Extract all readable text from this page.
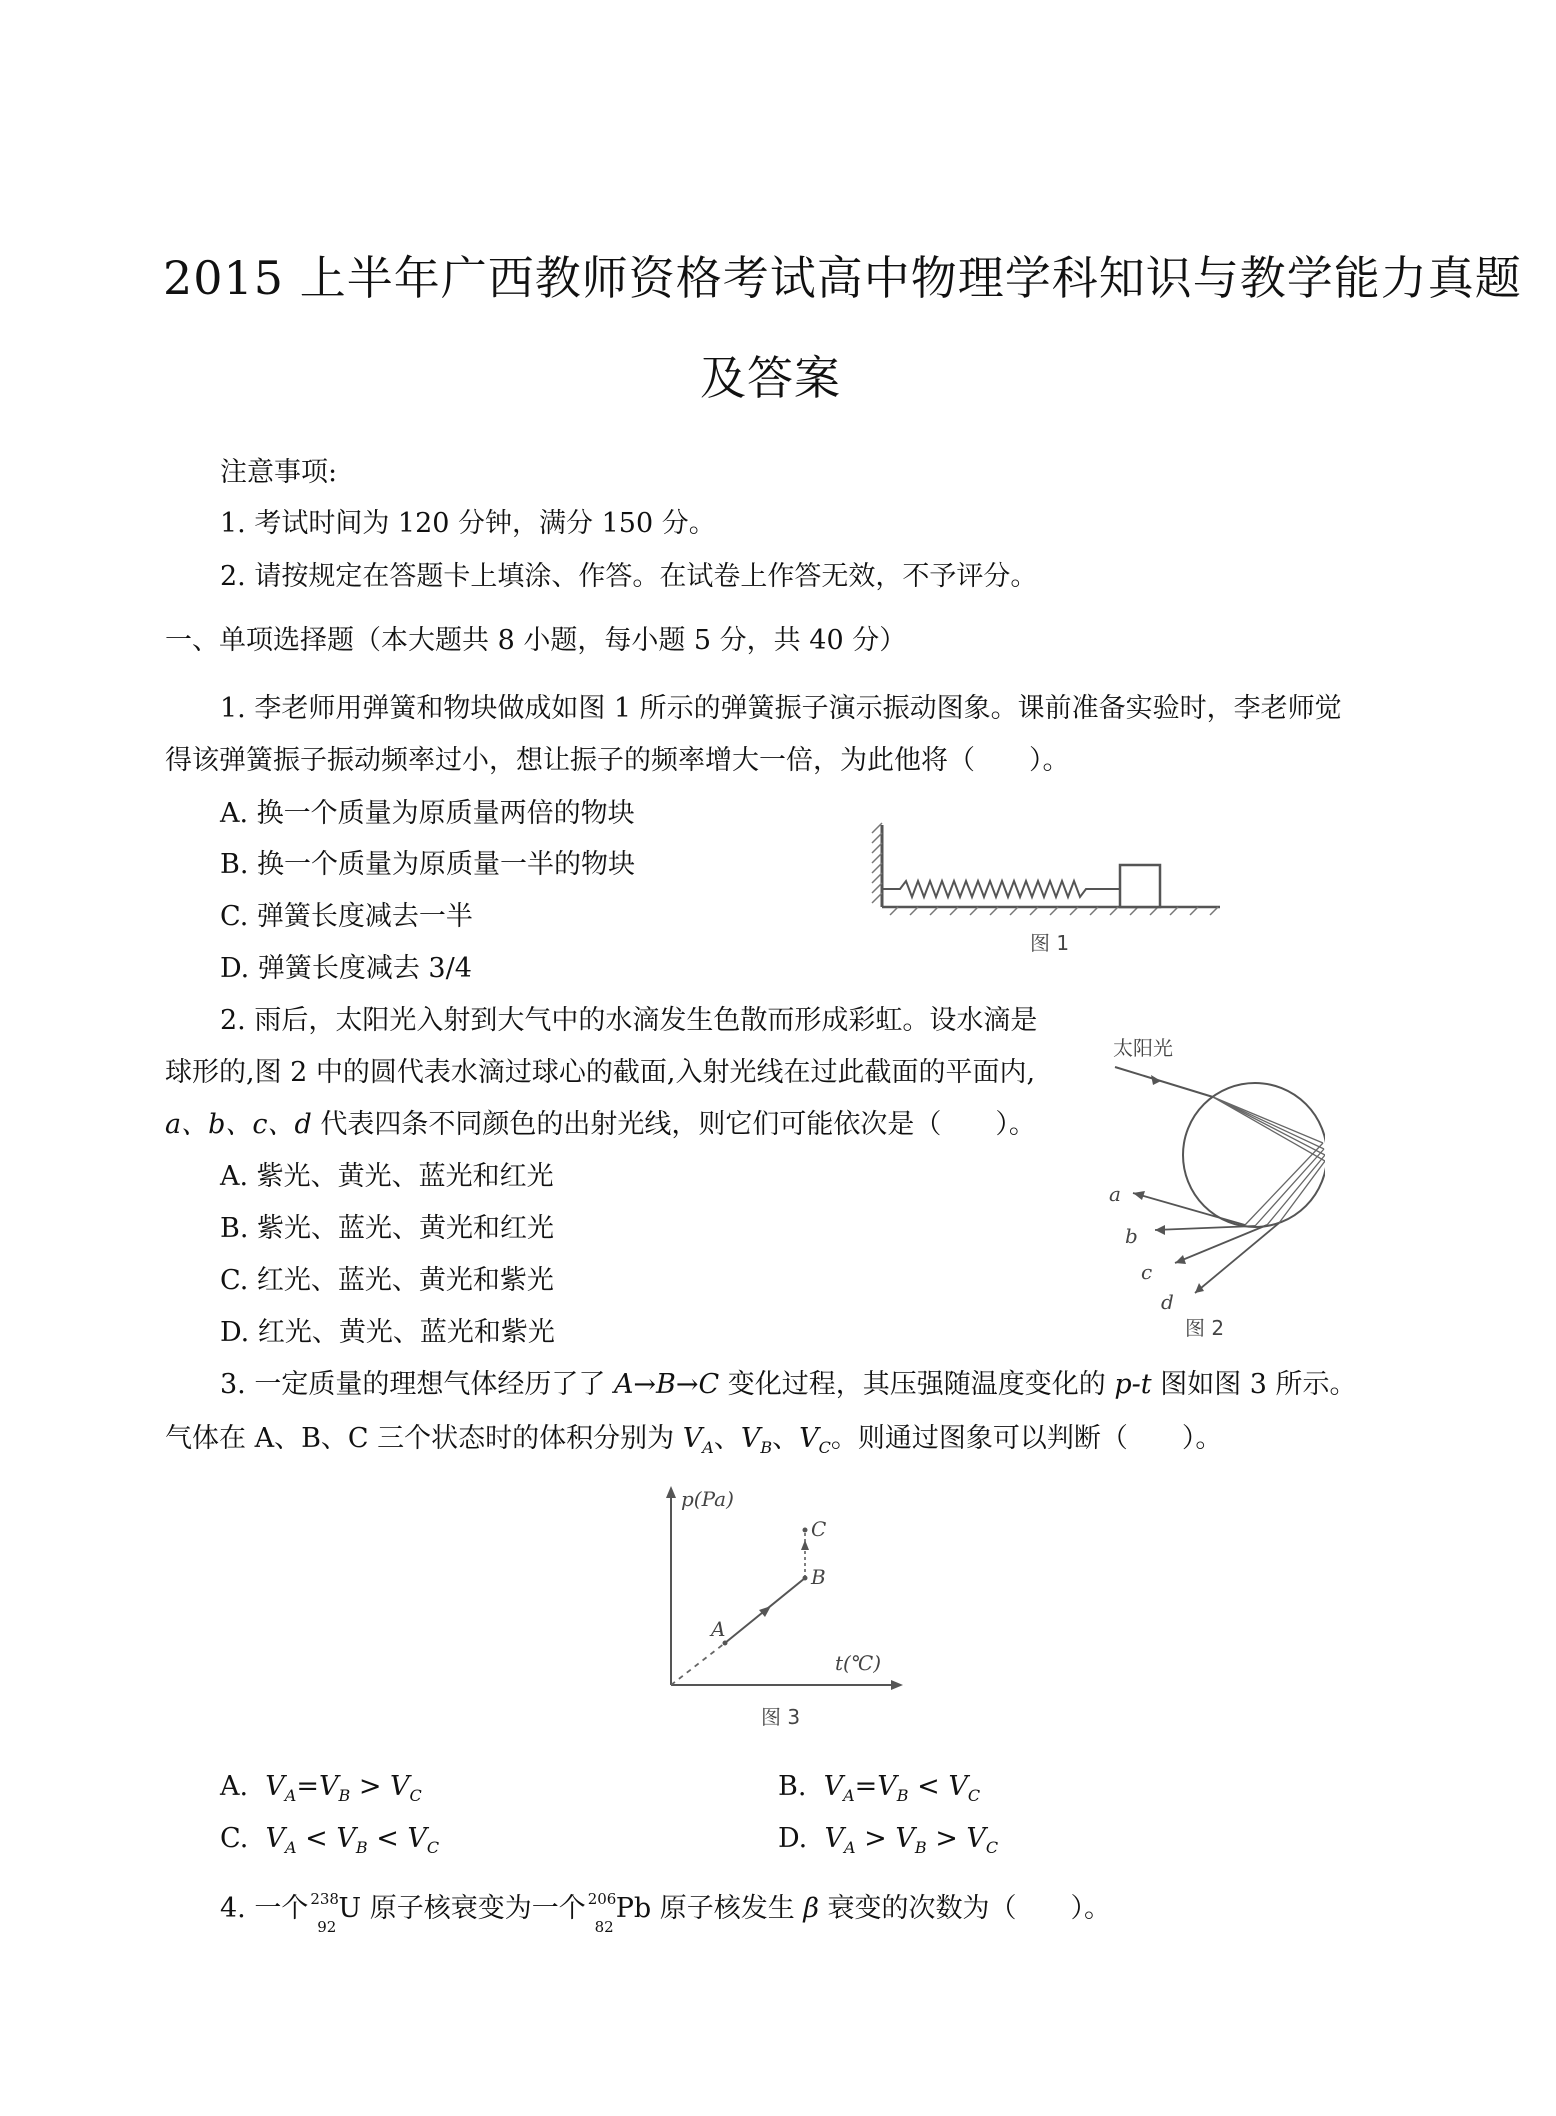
2015 上半年广西教师资格考试高中物理学科知识与教学能力真题
及答案
注意事项:
1. 考试时间为 120 分钟，满分 150 分。
2. 请按规定在答题卡上填涂、作答。在试卷上作答无效，不予评分。
一、单项选择题（本大题共 8 小题，每小题 5 分，共 40 分）
1. 李老师用弹簧和物块做成如图 1 所示的弹簧振子演示振动图象。课前准备实验时，李老师觉
得该弹簧振子振动频率过小，想让振子的频率增大一倍，为此他将（　　）。
A. 换一个质量为原质量两倍的物块
B. 换一个质量为原质量一半的物块
C. 弹簧长度减去一半
D. 弹簧长度减去 3/4
图 1
2. 雨后，太阳光入射到大气中的水滴发生色散而形成彩虹。设水滴是
球形的,图 2 中的圆代表水滴过球心的截面,入射光线在过此截面的平面内,
a、b、c、d 代表四条不同颜色的出射光线，则它们可能依次是（　　）。
A. 紫光、黄光、蓝光和红光
B. 紫光、蓝光、黄光和红光
C. 红光、蓝光、黄光和紫光
D. 红光、黄光、蓝光和紫光
太阳光
a
b
c
d
图 2
3. 一定质量的理想气体经历了了 A→B→C 变化过程，其压强随温度变化的 p-t 图如图 3 所示。
气体在 A、B、C 三个状态时的体积分别为 $V_A$、$V_B$、$V_C$。则通过图象可以判断（　　）。
p(Pa)
t(℃)
A
B
C
图 3
A. $V_A=V_B > V_C$	B. $V_A=V_B < V_C$
C. $V_A < V_B < V_C$	D. $V_A > V_B > V_C$
4. 一个 238
92
U 原子核衰变为一个 206
82
Pb 原子核发生 β 衰变的次数为（　　）。
